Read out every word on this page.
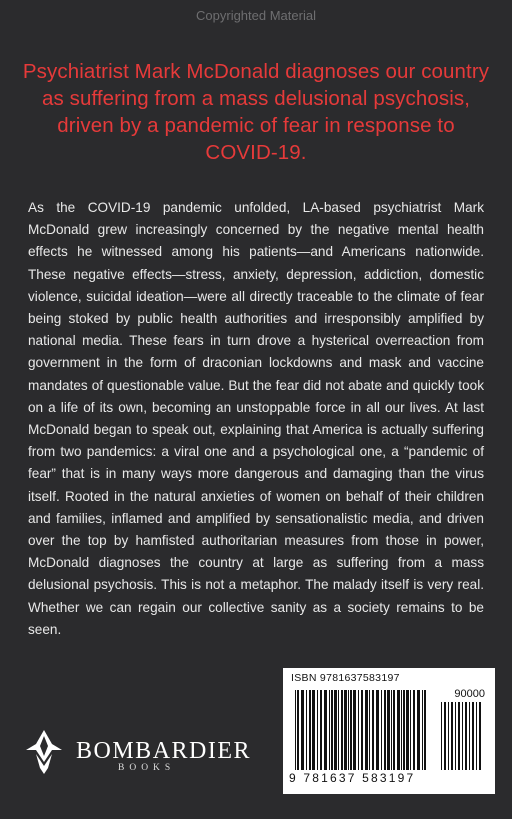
Copyrighted Material
Psychiatrist Mark McDonald diagnoses our country as suffering from a mass delusional psychosis, driven by a pandemic of fear in response to COVID-19.

As the COVID-19 pandemic unfolded, LA-based psychiatrist Mark McDonald grew increasingly concerned by the negative mental health effects he witnessed among his patients—and Americans nationwide. These negative effects—stress, anxiety, depression, addiction, domestic violence, suicidal ideation—were all directly traceable to the climate of fear being stoked by public health authorities and irresponsibly amplified by national media. These fears in turn drove a hysterical overreaction from government in the form of draconian lockdowns and mask and vaccine mandates of questionable value. But the fear did not abate and quickly took on a life of its own, becoming an unstoppable force in all our lives. At last McDonald began to speak out, explaining that America is actually suffering from two pandemics: a viral one and a psychological one, a “pandemic of fear” that is in many ways more dangerous and damaging than the virus itself. Rooted in the natural anxieties of women on behalf of their children and families, inflamed and amplified by sensationalistic media, and driven over the top by hamfisted authoritarian measures from those in power, McDonald diagnoses the country at large as suffering from a mass delusional psychosis. This is not a metaphor. The malady itself is very real. Whether we can regain our collective sanity as a society remains to be seen.

ISBN 9781637583197
90000
9 781637 583197
BOMBARDIER
BOOKS
